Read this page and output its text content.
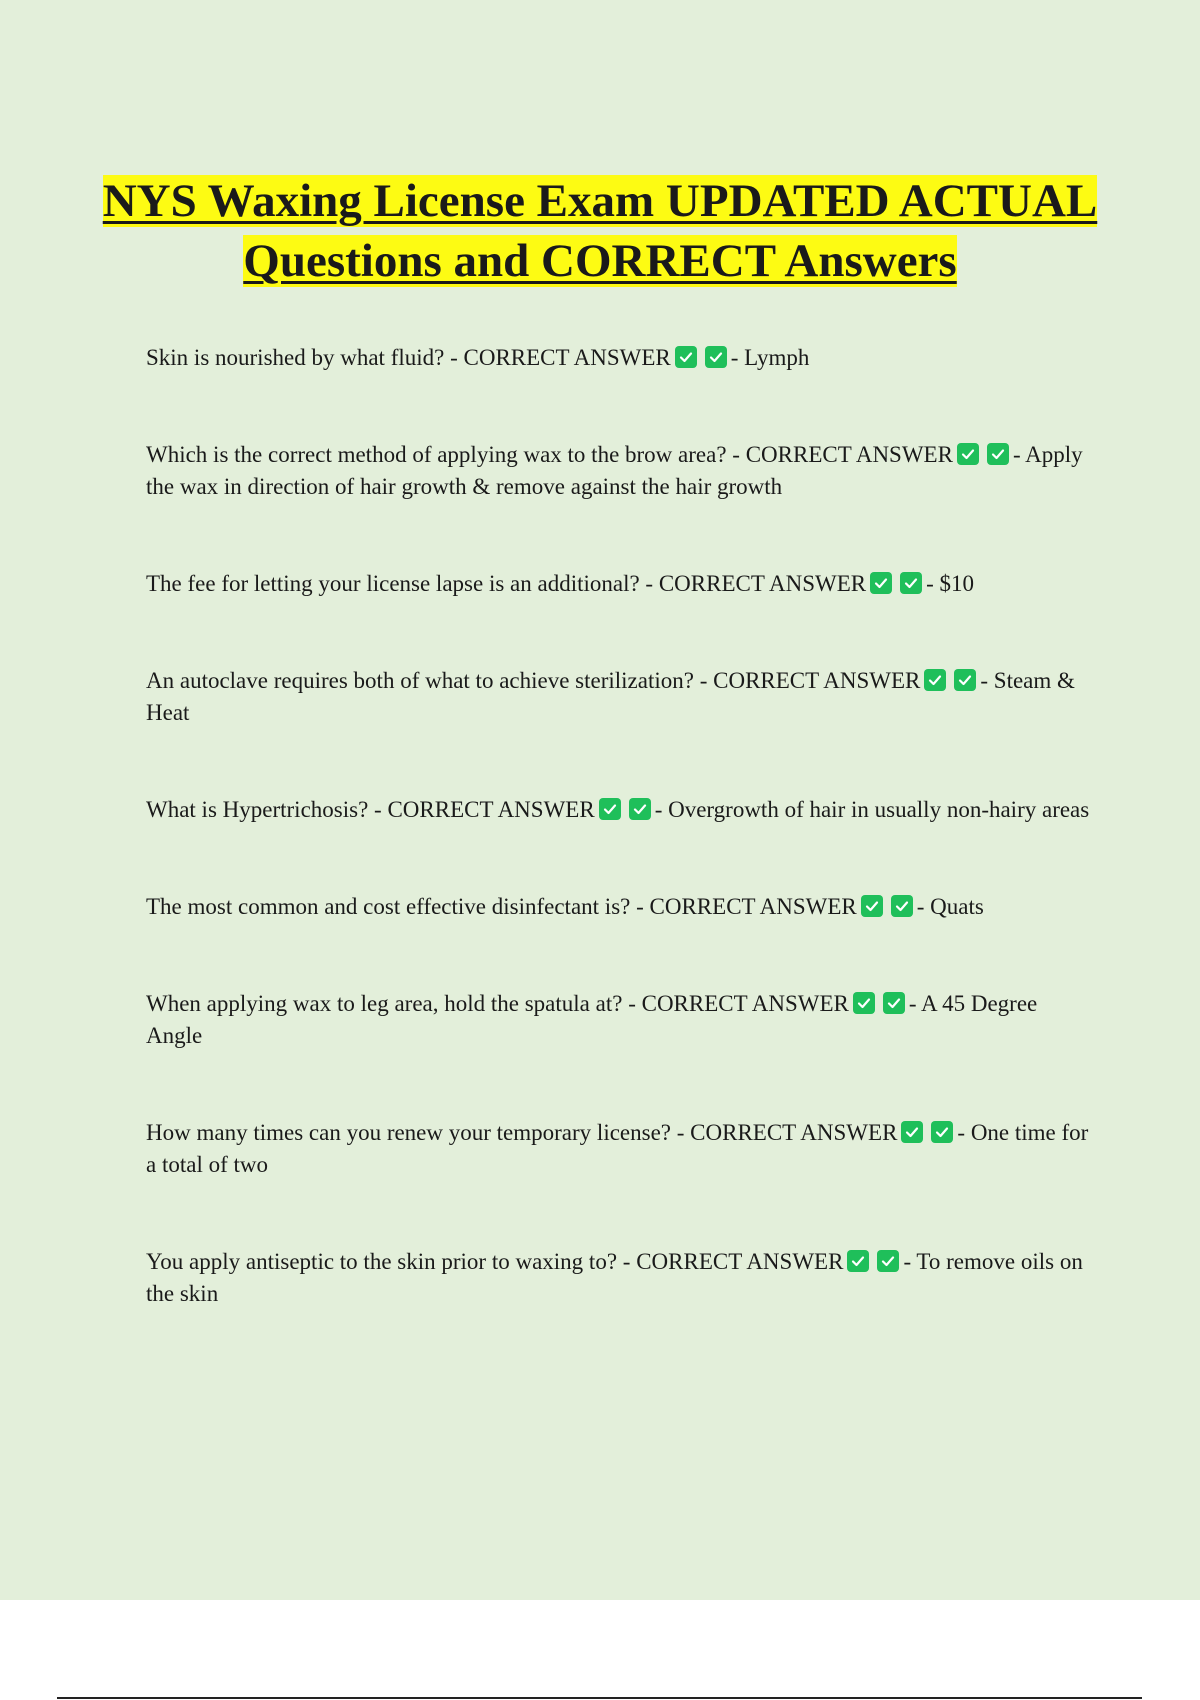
NYS Waxing License Exam UPDATED ACTUAL Questions and CORRECT Answers

Skin is nourished by what fluid? - CORRECT ANSWER	- Lymph

Which is the correct method of applying wax to the brow area? - CORRECT ANSWER	- Apply the wax in direction of hair growth & remove against the hair growth

The fee for letting your license lapse is an additional? - CORRECT ANSWER	- $10

An autoclave requires both of what to achieve sterilization? - CORRECT ANSWER	- Steam & Heat

What is Hypertrichosis? - CORRECT ANSWER	- Overgrowth of hair in usually non-hairy areas

The most common and cost effective disinfectant is? - CORRECT ANSWER	- Quats

When applying wax to leg area, hold the spatula at? - CORRECT ANSWER	- A 45 Degree Angle

How many times can you renew your temporary license? - CORRECT ANSWER	- One time for a total of two

You apply antiseptic to the skin prior to waxing to? - CORRECT ANSWER	- To remove oils on the skin
